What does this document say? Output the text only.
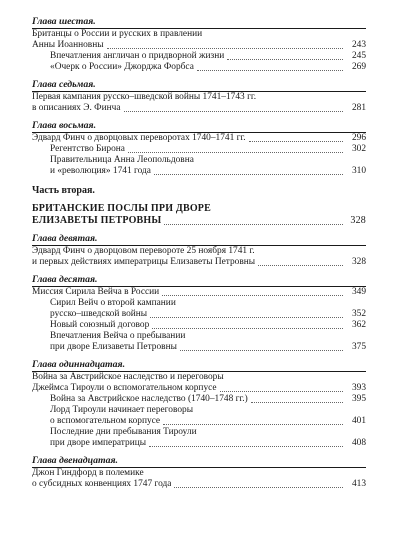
Глава шестая.
Британцы о России и русских в правлении
Анны Иоанновны	243
Впечатления англичан о придворной жизни	245
«Очерк о России» Джорджа Форбса	269
Глава седьмая.
Первая кампания русско–шведской войны 1741–1743 гг.
в описаниях Э. Финча	281
Глава восьмая.
Эдвард Финч о дворцовых переворотах 1740–1741 гг.	296
Регентство Бирона	302
Правительница Анна Леопольдовна
и «революция» 1741 года	310
Часть вторая.
БРИТАНСКИЕ ПОСЛЫ ПРИ ДВОРЕ
ЕЛИЗАВЕТЫ ПЕТРОВНЫ	328
Глава девятая.
Эдвард Финч о дворцовом перевороте 25 ноября 1741 г.
и первых действиях императрицы Елизаветы Петровны	328
Глава десятая.
Миссия Сирила Вейча в России	349
Сирил Вейч о второй кампании
русско–шведской войны	352
Новый союзный договор	362
Впечатления Вейча о пребывании
при дворе Елизаветы Петровны	375
Глава одиннадцатая.
Война за Австрийское наследство и переговоры
Джеймса Тироули о вспомогательном корпусе	393
Война за Австрийское наследство (1740–1748 гг.)	395
Лорд Тироули начинает переговоры
о вспомогательном корпусе	401
Последние дни пребывания Тироули
при дворе императрицы	408
Глава двенадцатая.
Джон Гиндфорд в полемике
о субсидных конвенциях 1747 года	413
